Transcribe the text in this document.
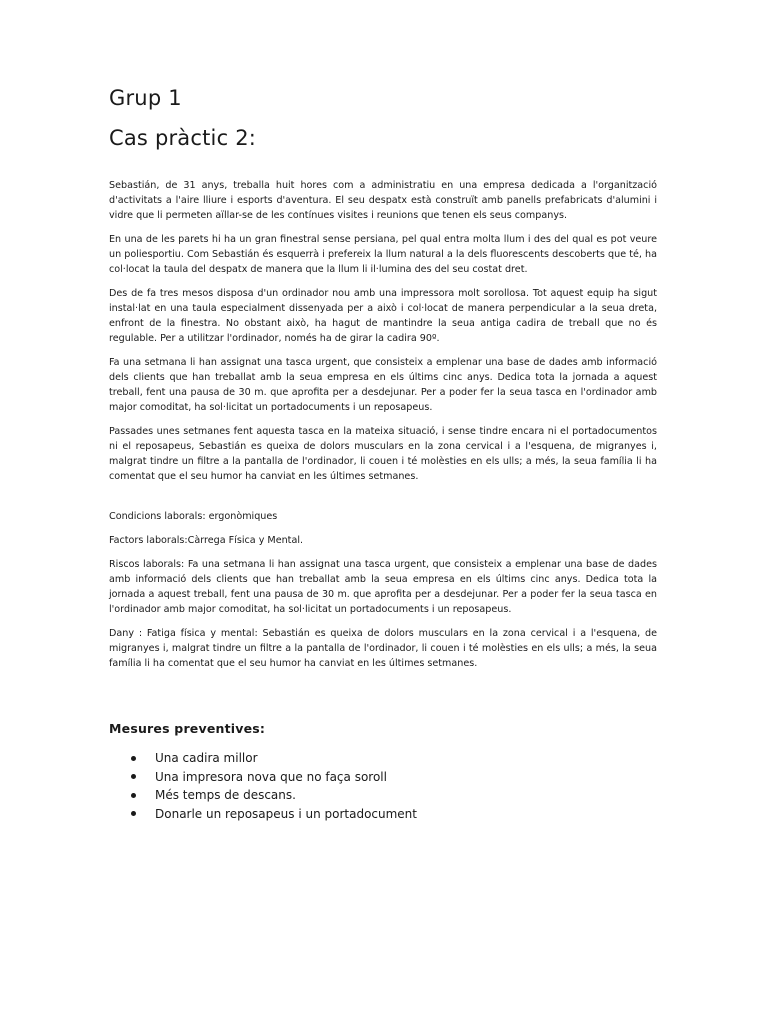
Grup 1
Cas pràctic 2:

Sebastián, de 31 anys, treballa huit hores com a administratiu en una empresa dedicada a l'organització d'activitats a l'aire lliure i esports d'aventura. El seu despatx està construït amb panells prefabricats d'alumini i vidre que li permeten aïllar-se de les contínues visites i reunions que tenen els seus companys.

En una de les parets hi ha un gran finestral sense persiana, pel qual entra molta llum i des del qual es pot veure un poliesportiu. Com Sebastián és esquerrà i prefereix la llum natural a la dels fluorescents descoberts que té, ha col·locat la taula del despatx de manera que la llum li il·lumina des del seu costat dret.

Des de fa tres mesos disposa d'un ordinador nou amb una impressora molt sorollosa. Tot aquest equip ha sigut instal·lat en una taula especialment dissenyada per a això i col·locat de manera perpendicular a la seua dreta, enfront de la finestra. No obstant això, ha hagut de mantindre la seua antiga cadira de treball que no és regulable. Per a utilitzar l'ordinador, només ha de girar la cadira 90º.

Fa una setmana li han assignat una tasca urgent, que consisteix a emplenar una base de dades amb informació dels clients que han treballat amb la seua empresa en els últims cinc anys. Dedica tota la jornada a aquest treball, fent una pausa de 30 m. que aprofita per a desdejunar. Per a poder fer la seua tasca en l'ordinador amb major comoditat, ha sol·licitat un portadocuments i un reposapeus.

Passades unes setmanes fent aquesta tasca en la mateixa situació, i sense tindre encara ni el portadocumentos ni el reposapeus, Sebastián es queixa de dolors musculars en la zona cervical i a l'esquena, de migranyes i, malgrat tindre un filtre a la pantalla de l'ordinador, li couen i té molèsties en els ulls; a més, la seua família li ha comentat que el seu humor ha canviat en les últimes setmanes.

Condicions laborals: ergonòmiques

Factors laborals:Càrrega Física y Mental.

Riscos laborals: Fa una setmana li han assignat una tasca urgent, que consisteix a emplenar una base de dades amb informació dels clients que han treballat amb la seua empresa en els últims cinc anys. Dedica tota la jornada a aquest treball, fent una pausa de 30 m. que aprofita per a desdejunar. Per a poder fer la seua tasca en l'ordinador amb major comoditat, ha sol·licitat un portadocuments i un reposapeus.

Dany : Fatiga física y mental: Sebastián es queixa de dolors musculars en la zona cervical i a l'esquena, de migranyes i, malgrat tindre un filtre a la pantalla de l'ordinador, li couen i té molèsties en els ulls; a més, la seua família li ha comentat que el seu humor ha canviat en les últimes setmanes.

Mesures preventives:
Una cadira millor
Una impresora nova que no faça soroll
Més temps de descans.
Donarle un reposapeus i un portadocument
